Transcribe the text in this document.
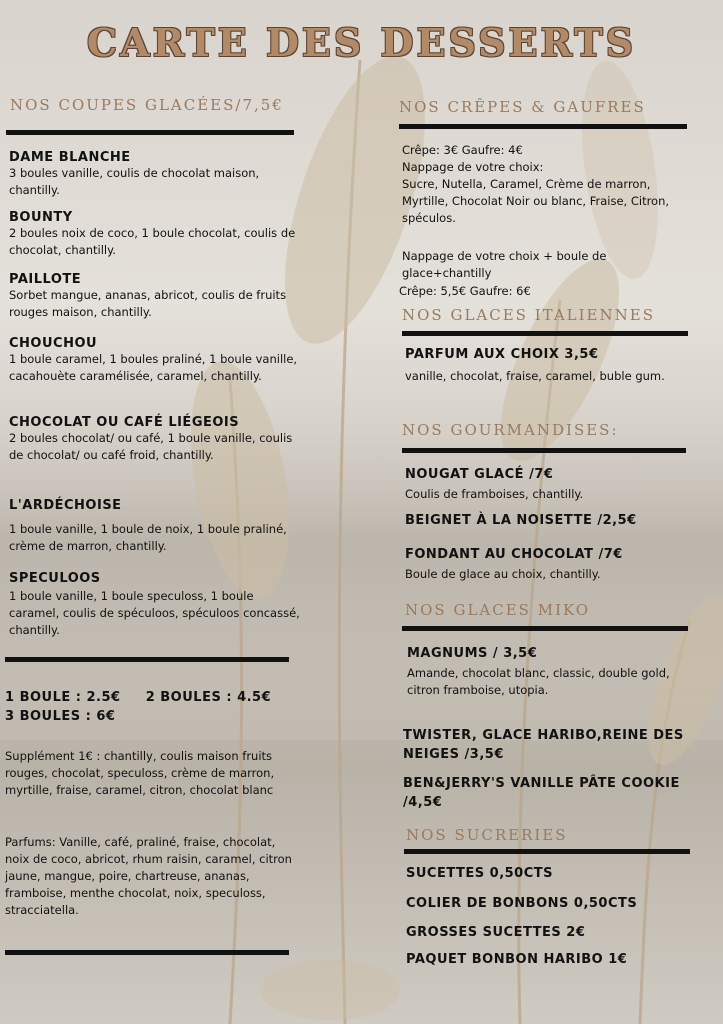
CARTE DES DESSERTS
NOS COUPES GLACÉES/7,5€

DAME BLANCHE

3 boules vanille, coulis de chocolat maison, chantilly.

BOUNTY

2 boules noix de coco, 1 boule chocolat, coulis de chocolat, chantilly.

PAILLOTE

Sorbet mangue, ananas, abricot, coulis de fruits rouges maison, chantilly.

CHOUCHOU

1 boule caramel, 1 boules praliné, 1 boule vanille, cacahouète caramélisée, caramel, chantilly.

CHOCOLAT OU CAFÉ LIÉGEOIS

2 boules chocolat/ ou café, 1 boule vanille, coulis de chocolat/ ou café froid, chantilly.

L'ARDÉCHOISE

1 boule vanille, 1 boule de noix, 1 boule praliné, crème de marron, chantilly.

SPECULOOS

1 boule vanille, 1 boule speculoss, 1 boule caramel, coulis de spéculoos, spéculoos concassé, chantilly.

1 BOULE : 2.5€     2 BOULES : 4.5€

3 BOULES : 6€

Supplément 1€ : chantilly, coulis maison fruits rouges, chocolat, speculoss, crème de marron, myrtille, fraise, caramel, citron, chocolat blanc

Parfums: Vanille, café, praliné, fraise, chocolat, noix de coco, abricot, rhum raisin, caramel, citron jaune, mangue, poire, chartreuse, ananas, framboise, menthe chocolat, noix, speculoss, stracciatella.

NOS CRÊPES & GAUFRES

Crêpe: 3€ Gaufre: 4€
Nappage de votre choix:
Sucre, Nutella, Caramel, Crème de marron, Myrtille, Chocolat Noir ou blanc, Fraise, Citron, spéculos.

Nappage de votre choix + boule de glace+chantilly

Crêpe: 5,5€ Gaufre: 6€

NOS GLACES ITALIENNES

PARFUM AUX CHOIX 3,5€

vanille, chocolat, fraise, caramel, buble gum.

NOS GOURMANDISES:

NOUGAT GLACÉ /7€

Coulis de framboises, chantilly.

BEIGNET À LA NOISETTE /2,5€

FONDANT AU CHOCOLAT /7€

Boule de glace au choix, chantilly.

NOS GLACES MIKO

MAGNUMS / 3,5€

Amande, chocolat blanc, classic, double gold, citron framboise, utopia.

TWISTER, GLACE HARIBO,REINE DES NEIGES /3,5€

BEN&JERRY'S VANILLE PÂTE COOKIE /4,5€

NOS SUCRERIES

SUCETTES 0,50CTS

COLIER DE BONBONS 0,50CTS

GROSSES SUCETTES 2€

PAQUET BONBON HARIBO 1€
